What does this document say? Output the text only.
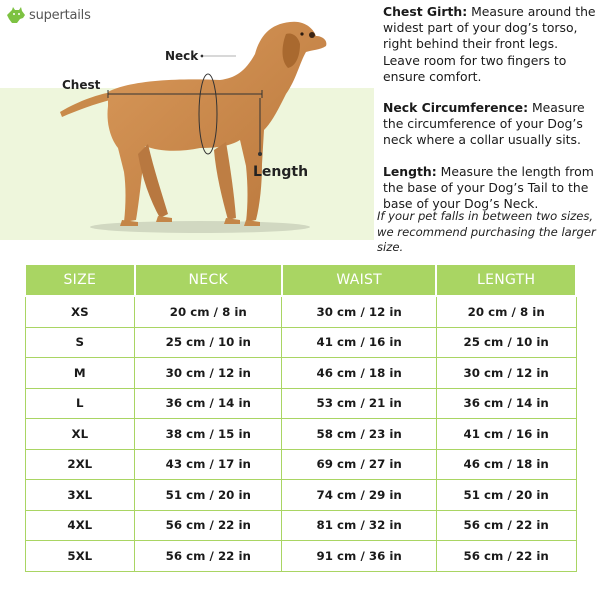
supertails
Neck
Chest
Length

Chest Girth: Measure around the widest part of your dog’s torso, right behind their front legs. Leave room for two fingers to ensure comfort.

Neck Circumference: Measure the circumference of your Dog’s neck where a collar usually sits.

Length: Measure the length from the base of your Dog’s Tail to the base of your Dog’s Neck.

If your pet falls in between two sizes, we recommend purchasing the larger size.
SIZE	NECK	WAIST	LENGTH
XS	20 cm / 8 in	30 cm / 12 in	20 cm / 8 in
S	25 cm / 10 in	41 cm / 16 in	25 cm / 10 in
M	30 cm / 12 in	46 cm / 18 in	30 cm / 12 in
L	36 cm / 14 in	53 cm / 21 in	36 cm / 14 in
XL	38 cm / 15 in	58 cm / 23 in	41 cm / 16 in
2XL	43 cm / 17 in	69 cm / 27 in	46 cm / 18 in
3XL	51 cm / 20 in	74 cm / 29 in	51 cm / 20 in
4XL	56 cm / 22 in	81 cm / 32 in	56 cm / 22 in
5XL	56 cm / 22 in	91 cm / 36 in	56 cm / 22 in
